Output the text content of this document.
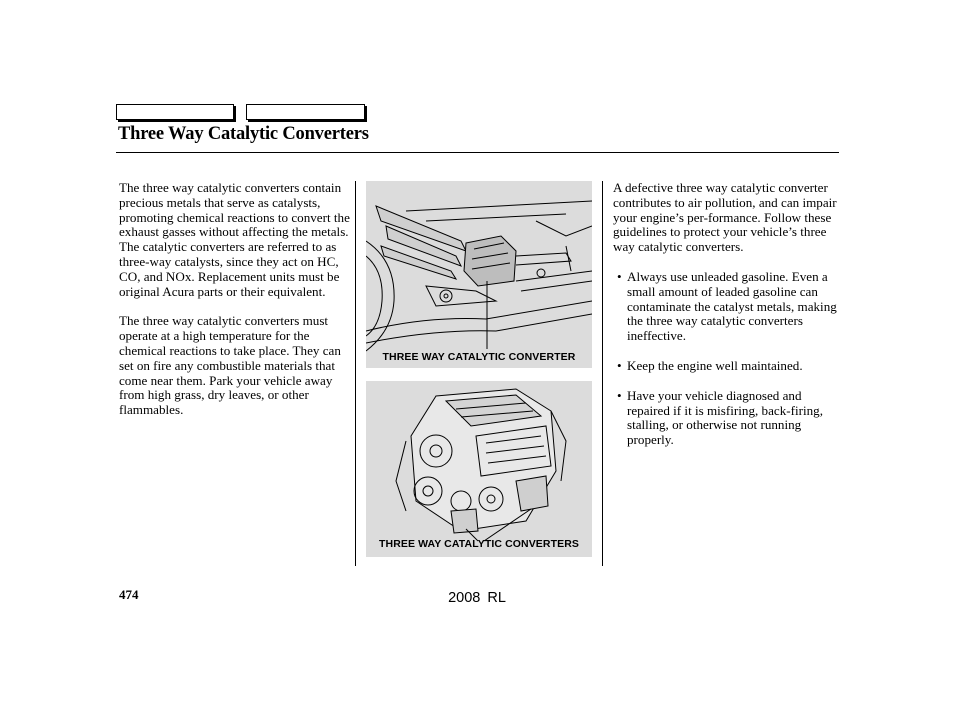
Three Way Catalytic Converters

The three way catalytic converters contain precious metals that serve as catalysts, promoting chemical reactions to convert the exhaust gasses without affecting the metals. The catalytic converters are referred to as three-way catalysts, since they act on HC, CO, and NOx. Replacement units must be original Acura parts or their equivalent.

The three way catalytic converters must operate at a high temperature for the chemical reactions to take place. They can set on fire any combustible materials that come near them. Park your vehicle away from high grass, dry leaves, or other flammables.

THREE WAY CATALYTIC CONVERTER
THREE WAY CATALYTIC CONVERTERS

A defective three way catalytic converter contributes to air pollution, and can impair your engine’s per-formance. Follow these guidelines to protect your vehicle’s three way catalytic converters.

• Always use unleaded gasoline. Even a small amount of leaded gasoline can contaminate the catalyst metals, making the three way catalytic converters ineffective.
• Keep the engine well maintained.
• Have your vehicle diagnosed and repaired if it is misfiring, back-firing, stalling, or otherwise not running properly.
474	2008 RL
